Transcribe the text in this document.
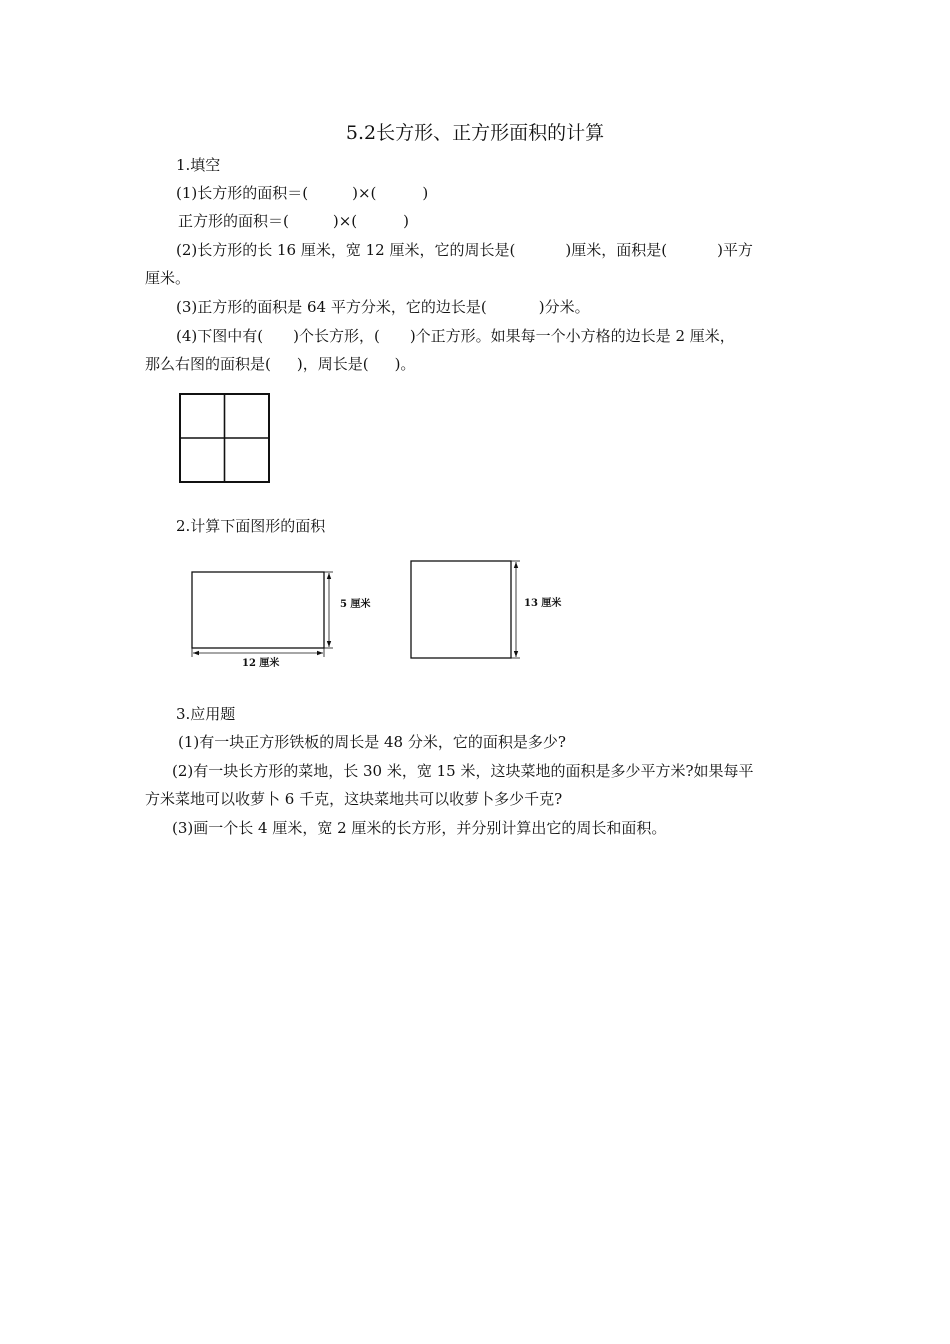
5.2长方形、正方形面积的计算
1.填空
(1)长方形的面积＝(	)×(	)
正方形的面积＝(	)×(	)
(2)长方形的长 16 厘米，宽 12 厘米，它的周长是(	)厘米，面积是(	)平方
厘米。
(3)正方形的面积是 64 平方分米，它的边长是(	)分米。
(4)下图中有( )个长方形，( )个正方形。如果每一个小方格的边长是 2 厘米，
那么右图的面积是( )，周长是( )。
2.计算下面图形的面积
5 厘米
12 厘米
13 厘米
3.应用题
(1)有一块正方形铁板的周长是 48 分米，它的面积是多少?
(2)有一块长方形的菜地，长 30 米，宽 15 米，这块菜地的面积是多少平方米?如果每平
方米菜地可以收萝卜 6 千克，这块菜地共可以收萝卜多少千克?
(3)画一个长 4 厘米，宽 2 厘米的长方形，并分别计算出它的周长和面积。
